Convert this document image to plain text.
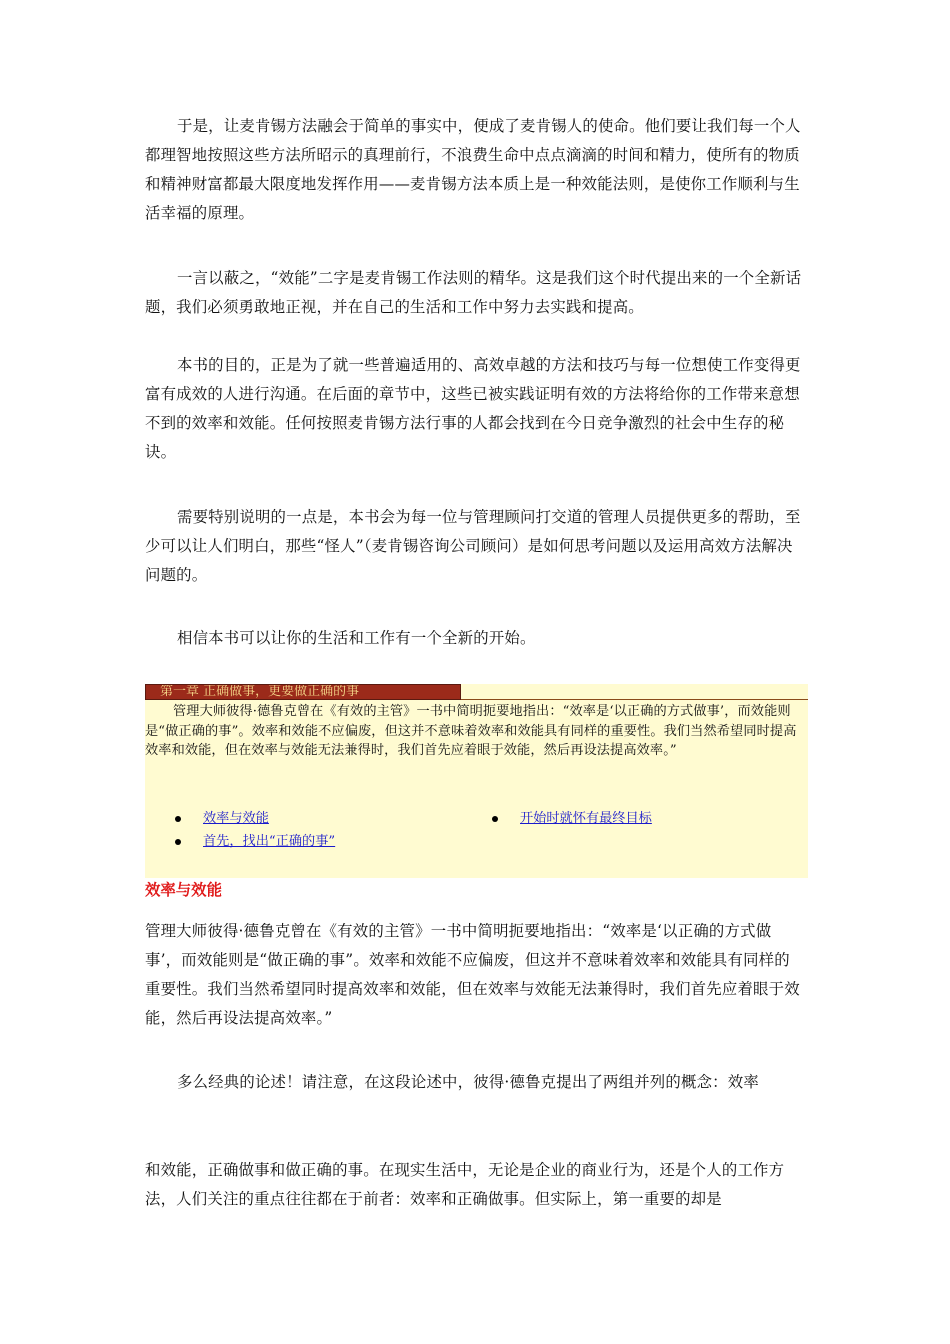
于是，让麦肯锡方法融会于简单的事实中，便成了麦肯锡人的使命。他们要让我们每一个人都理智地按照这些方法所昭示的真理前行，不浪费生命中点点滴滴的时间和精力，使所有的物质和精神财富都最大限度地发挥作用——麦肯锡方法本质上是一种效能法则，是使你工作顺利与生活幸福的原理。

一言以蔽之，“效能”二字是麦肯锡工作法则的精华。这是我们这个时代提出来的一个全新话题，我们必须勇敢地正视，并在自己的生活和工作中努力去实践和提高。

本书的目的，正是为了就一些普遍适用的、高效卓越的方法和技巧与每一位想使工作变得更富有成效的人进行沟通。在后面的章节中，这些已被实践证明有效的方法将给你的工作带来意想不到的效率和效能。任何按照麦肯锡方法行事的人都会找到在今日竞争激烈的社会中生存的秘诀。

需要特别说明的一点是，本书会为每一位与管理顾问打交道的管理人员提供更多的帮助，至少可以让人们明白，那些“怪人”（麦肯锡咨询公司顾问）是如何思考问题以及运用高效方法解决问题的。

相信本书可以让你的生活和工作有一个全新的开始。

第一章 正确做事，更要做正确的事

管理大师彼得·德鲁克曾在《有效的主管》一书中简明扼要地指出：“效率是‘以正确的方式做事’，而效能则是“做正确的事”。效率和效能不应偏废，但这并不意味着效率和效能具有同样的重要性。我们当然希望同时提高效率和效能，但在效率与效能无法兼得时，我们首先应着眼于效能，然后再设法提高效率。”

效率与效能	开始时就怀有最终目标
首先，找出“正确的事”
效率与效能

管理大师彼得·德鲁克曾在《有效的主管》一书中简明扼要地指出：“效率是‘以正确的方式做事’，而效能则是“做正确的事”。效率和效能不应偏废，但这并不意味着效率和效能具有同样的重要性。我们当然希望同时提高效率和效能，但在效率与效能无法兼得时，我们首先应着眼于效能，然后再设法提高效率。”

多么经典的论述！请注意，在这段论述中，彼得·德鲁克提出了两组并列的概念：效率

和效能，正确做事和做正确的事。在现实生活中，无论是企业的商业行为，还是个人的工作方法，人们关注的重点往往都在于前者：效率和正确做事。但实际上，第一重要的却是
